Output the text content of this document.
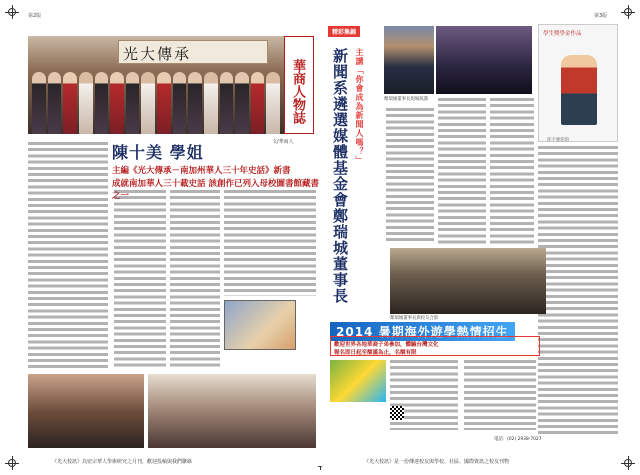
第2版	第3版
光大傳承
華商人物誌
陳十美 學姐
文/華商人
主編《光大傳承－南加州華人三十年史話》新書
成就南加華人三十載史話 該創作已列入母校圖書館藏書之一
《光大校訊》為密宗華人學術研究之月刊，歡迎投稿與我們聯絡
精彩集錦
新聞系遴選媒體基金會鄭瑞城董事長 主講「你會成為新聞人嗎？」	鄭瑞城董事長現場演講
學生獎學金作品
你不要你的
鄭瑞城董事長與校友合影
2014 暑期海外遊學熱情招生
歡迎世界各地華裔子弟參加，體驗台灣文化
報名即日起至額滿為止，名額有限
電話：(02) 2938-7027
《光大校訊》是一份傳達校友與學校、社區、國際資訊之校友刊物
